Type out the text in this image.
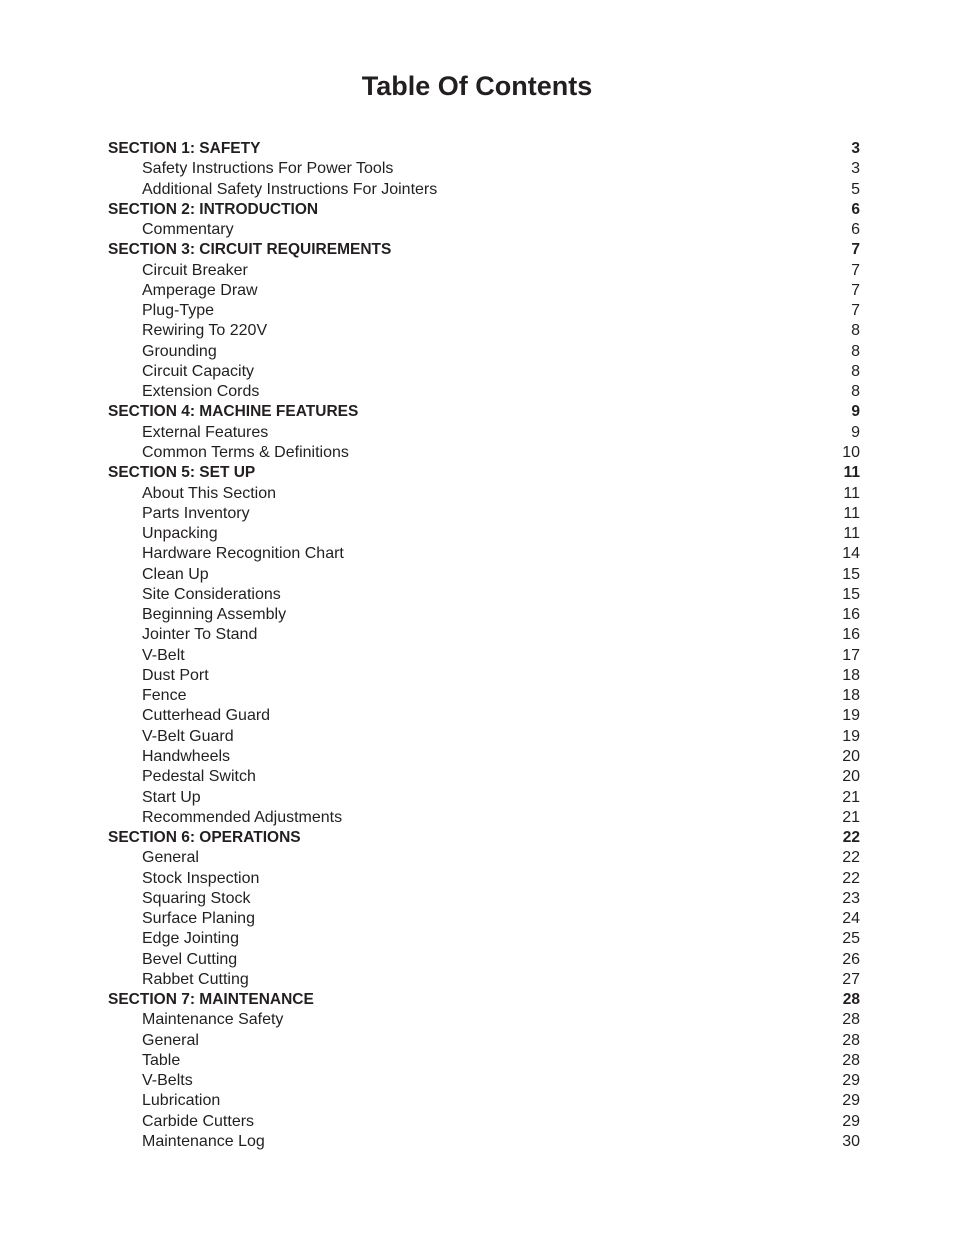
Table Of Contents
SECTION 1: SAFETY	3
Safety Instructions For Power Tools	3
Additional Safety Instructions For Jointers	5
SECTION 2: INTRODUCTION	6
Commentary	6
SECTION 3: CIRCUIT REQUIREMENTS	7
Circuit Breaker	7
Amperage Draw	7
Plug-Type	7
Rewiring To 220V	8
Grounding	8
Circuit Capacity	8
Extension Cords	8
SECTION 4: MACHINE FEATURES	9
External Features	9
Common Terms & Definitions	10
SECTION 5: SET UP	11
About This Section	11
Parts Inventory	11
Unpacking	11
Hardware Recognition Chart	14
Clean Up	15
Site Considerations	15
Beginning Assembly	16
Jointer To Stand	16
V-Belt	17
Dust Port	18
Fence	18
Cutterhead Guard	19
V-Belt Guard	19
Handwheels	20
Pedestal Switch	20
Start Up	21
Recommended Adjustments	21
SECTION 6: OPERATIONS	22
General	22
Stock Inspection	22
Squaring Stock	23
Surface Planing	24
Edge Jointing	25
Bevel Cutting	26
Rabbet Cutting	27
SECTION 7: MAINTENANCE	28
Maintenance Safety	28
General	28
Table	28
V-Belts	29
Lubrication	29
Carbide Cutters	29
Maintenance Log	30
